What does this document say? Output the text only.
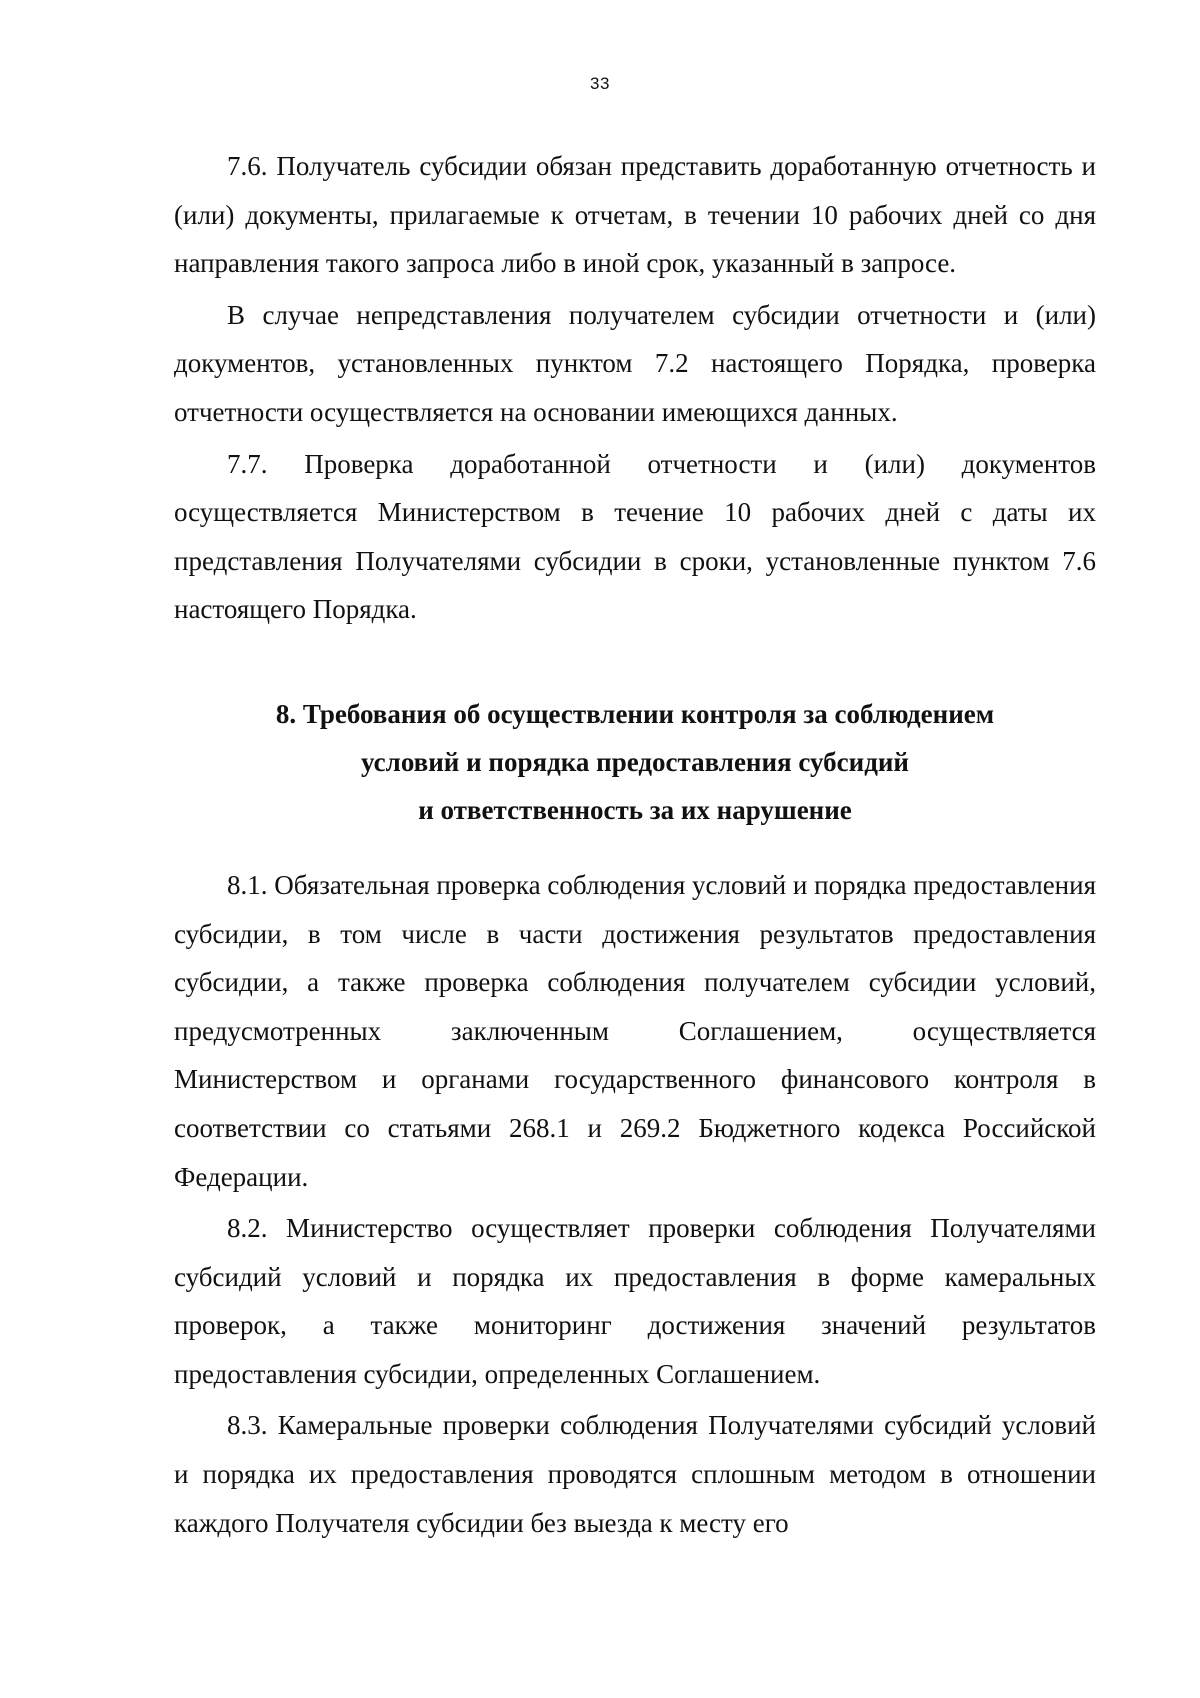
33

7.6. Получатель субсидии обязан представить доработанную отчетность и (или) документы, прилагаемые к отчетам, в течении 10 рабочих дней со дня направления такого запроса либо в иной срок, указанный в запросе.

В случае непредставления получателем субсидии отчетности и (или) документов, установленных пунктом 7.2 настоящего Порядка, проверка отчетности осуществляется на основании имеющихся данных.

7.7. Проверка доработанной отчетности и (или) документов осуществляется Министерством в течение 10 рабочих дней с даты их представления Получателями субсидии в сроки, установленные пунктом 7.6 настоящего Порядка.

8. Требования об осуществлении контроля за соблюдением
условий и порядка предоставления субсидий
и ответственность за их нарушение

8.1. Обязательная проверка соблюдения условий и порядка предоставления субсидии, в том числе в части достижения результатов предоставления субсидии, а также проверка соблюдения получателем субсидии условий, предусмотренных заключенным Соглашением, осуществляется Министерством и органами государственного финансового контроля в соответствии со статьями 268.1 и 269.2 Бюджетного кодекса Российской Федерации.

8.2. Министерство осуществляет проверки соблюдения Получателями субсидий условий и порядка их предоставления в форме камеральных проверок, а также мониторинг достижения значений результатов предоставления субсидии, определенных Соглашением.

8.3. Камеральные проверки соблюдения Получателями субсидий условий и порядка их предоставления проводятся сплошным методом в отношении каждого Получателя субсидии без выезда к месту его
